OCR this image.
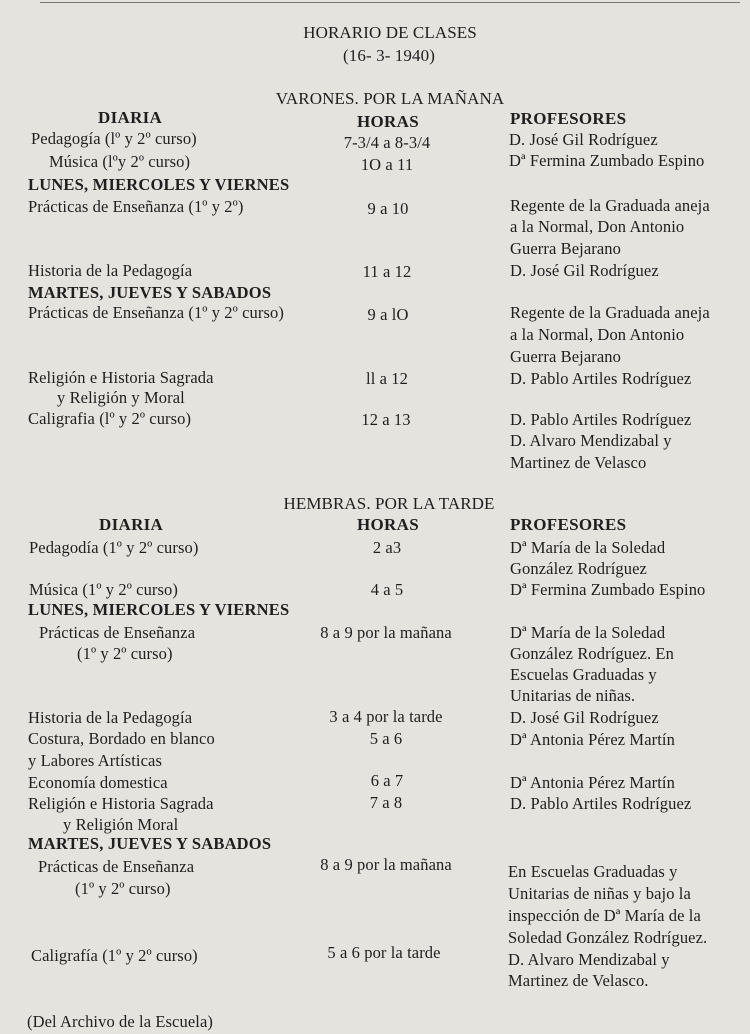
HORARIO DE CLASES
(16- 3- 1940)
VARONES. POR LA MAÑANA
DIARIA	HORAS	PROFESORES
Pedagogía (lº y 2º curso)	7-3/4 a 8-3/4	D. José Gil Rodríguez
Música (lºy 2º curso)	1O a 11	Dª Fermina Zumbado Espino
LUNES, MIERCOLES Y VIERNES
Prácticas de Enseñanza (1º y 2º)	9 a 10	Regente de la Graduada aneja
a la Normal, Don Antonio
Guerra Bejarano
Historia de la Pedagogía	11 a 12	D. José Gil Rodríguez
MARTES, JUEVES Y SABADOS
Prácticas de Enseñanza (1º y 2º curso)	9 a lO	Regente de la Graduada aneja
a la Normal, Don Antonio
Guerra Bejarano
Religión e Historia Sagrada
y Religión y Moral
ll a 12	D. Pablo Artiles Rodríguez
Caligrafia (lº y 2º curso)	12 a 13	D. Pablo Artiles Rodríguez
D. Alvaro Mendizabal y
Martinez de Velasco
HEMBRAS. POR LA TARDE
DIARIA	HORAS	PROFESORES
Pedagodía (1º y 2º curso)	2 a3	Dª María de la Soledad
González Rodríguez
Música (1º y 2º curso)	4 a 5	Dª Fermina Zumbado Espino
LUNES, MIERCOLES Y VIERNES
Prácticas de Enseñanza
(1º y 2º curso)
8 a 9 por la mañana	Dª María de la Soledad
González Rodríguez. En
Escuelas Graduadas y
Unitarias de niñas.
Historia de la Pedagogía	3 a 4 por la tarde	D. José Gil Rodríguez
Costura, Bordado en blanco
y Labores Artísticas
5 a 6	Dª Antonia Pérez Martín
Economía domestica	6 a 7	Dª Antonia Pérez Martín
Religión e Historia Sagrada
y Religión Moral
7 a 8	D. Pablo Artiles Rodríguez
MARTES, JUEVES Y SABADOS
Prácticas de Enseñanza
(1º y 2º curso)
8 a 9 por la mañana	En Escuelas Graduadas y
Unitarias de niñas y bajo la
inspección de Dª María de la
Soledad González Rodríguez.
Caligrafía (1º y 2º curso)	5 a 6 por la tarde	D. Alvaro Mendizabal y
Martinez de Velasco.
(Del Archivo de la Escuela)
